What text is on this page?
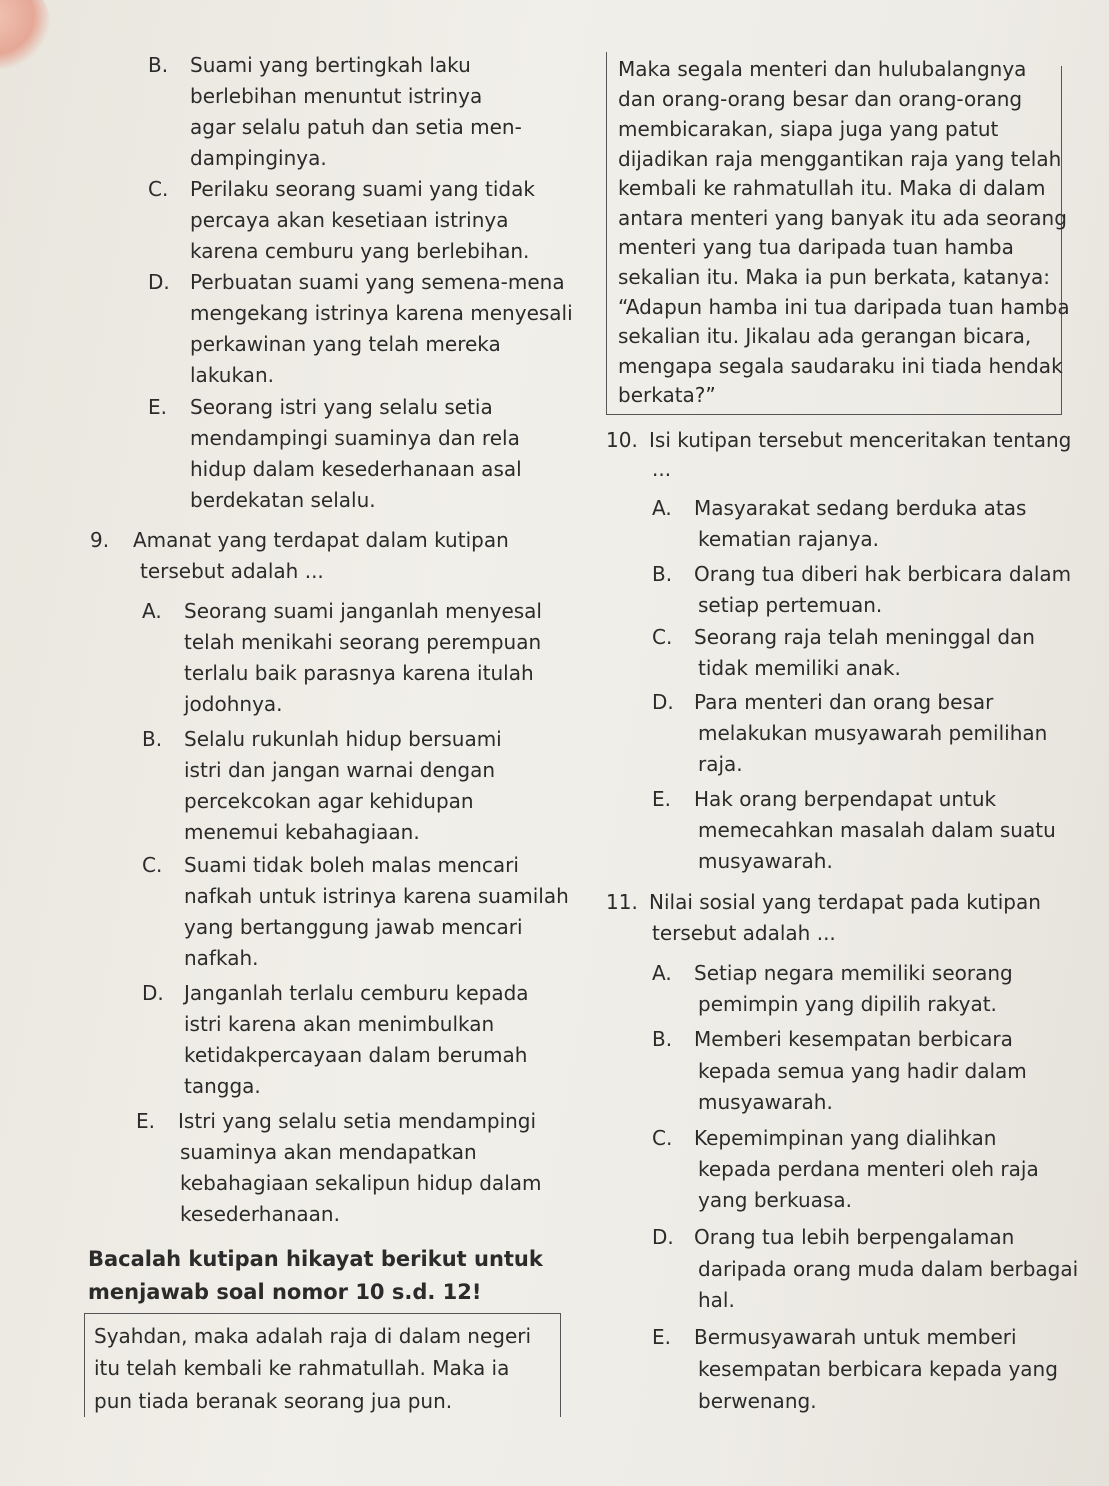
B. Suami yang bertingkah laku
berlebihan menuntut istrinya
agar selalu patuh dan setia men-
dampinginya.
C. Perilaku seorang suami yang tidak
percaya akan kesetiaan istrinya
karena cemburu yang berlebihan.
D. Perbuatan suami yang semena-mena
mengekang istrinya karena menyesali
perkawinan yang telah mereka
lakukan.
E. Seorang istri yang selalu setia
mendampingi suaminya dan rela
hidup dalam kesederhanaan asal
berdekatan selalu.
9. Amanat yang terdapat dalam kutipan
tersebut adalah ...
A. Seorang suami janganlah menyesal
telah menikahi seorang perempuan
terlalu baik parasnya karena itulah
jodohnya.
B. Selalu rukunlah hidup bersuami
istri dan jangan warnai dengan
percekcokan agar kehidupan
menemui kebahagiaan.
C. Suami tidak boleh malas mencari
nafkah untuk istrinya karena suamilah
yang bertanggung jawab mencari
nafkah.
D. Janganlah terlalu cemburu kepada
istri karena akan menimbulkan
ketidakpercayaan dalam berumah
tangga.
E. Istri yang selalu setia mendampingi
suaminya akan mendapatkan
kebahagiaan sekalipun hidup dalam
kesederhanaan.
Bacalah kutipan hikayat berikut untuk
menjawab soal nomor 10 s.d. 12!
Syahdan, maka adalah raja di dalam negeri
itu telah kembali ke rahmatullah. Maka ia
pun tiada beranak seorang jua pun.
Maka segala menteri dan hulubalangnya
dan orang-orang besar dan orang-orang
membicarakan, siapa juga yang patut
dijadikan raja menggantikan raja yang telah
kembali ke rahmatullah itu. Maka di dalam
antara menteri yang banyak itu ada seorang
menteri yang tua daripada tuan hamba
sekalian itu. Maka ia pun berkata, katanya:
“Adapun hamba ini tua daripada tuan hamba
sekalian itu. Jikalau ada gerangan bicara,
mengapa segala saudaraku ini tiada hendak
berkata?”
10. Isi kutipan tersebut menceritakan tentang
...
A. Masyarakat sedang berduka atas
kematian rajanya.
B. Orang tua diberi hak berbicara dalam
setiap pertemuan.
C. Seorang raja telah meninggal dan
tidak memiliki anak.
D. Para menteri dan orang besar
melakukan musyawarah pemilihan
raja.
E. Hak orang berpendapat untuk
memecahkan masalah dalam suatu
musyawarah.
11. Nilai sosial yang terdapat pada kutipan
tersebut adalah ...
A. Setiap negara memiliki seorang
pemimpin yang dipilih rakyat.
B. Memberi kesempatan berbicara
kepada semua yang hadir dalam
musyawarah.
C. Kepemimpinan yang dialihkan
kepada perdana menteri oleh raja
yang berkuasa.
D. Orang tua lebih berpengalaman
daripada orang muda dalam berbagai
hal.
E. Bermusyawarah untuk memberi
kesempatan berbicara kepada yang
berwenang.
